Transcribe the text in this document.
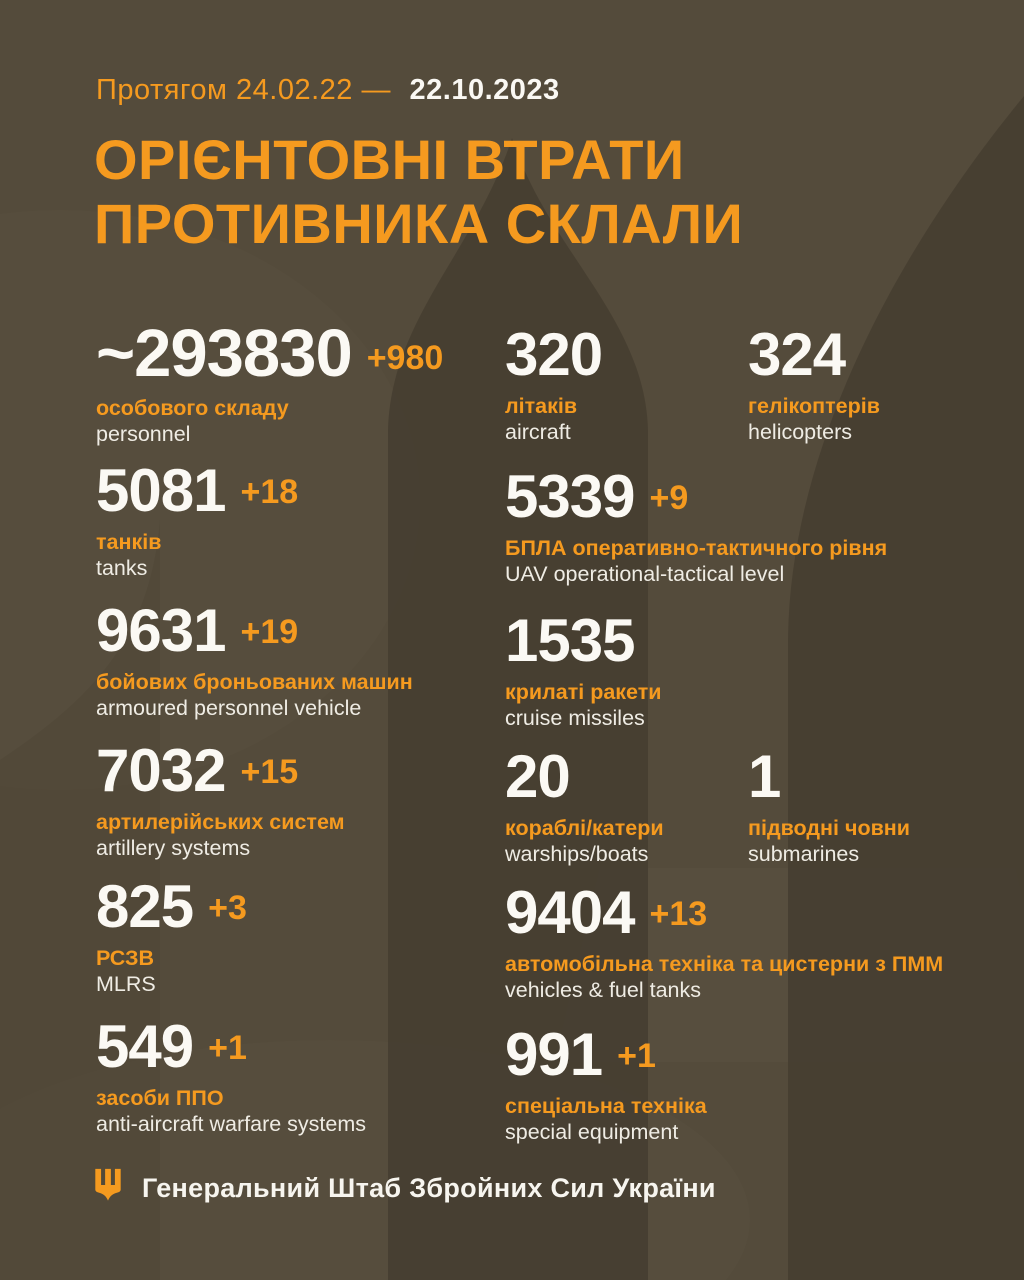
Протягом 24.02.22 — 22.10.2023
ОРІЄНТОВНІ ВТРАТИ
ПРОТИВНИКА СКЛАЛИ
~293830 +980
особового складу
personnel
320
літаків
aircraft
324
гелікоптерів
helicopters
5081 +18
танків
tanks
5339 +9
БПЛА оперативно-тактичного рівня
UAV operational-tactical level
9631 +19
бойових броньованих машин
armoured personnel vehicle
1535
крилаті ракети
cruise missiles
7032 +15
артилерійських систем
artillery systems
20
кораблі/катери
warships/boats
1
підводні човни
submarines
825 +3
РСЗВ
MLRS
9404 +13
автомобільна техніка та цистерни з ПММ
vehicles & fuel tanks
549 +1
засоби ППО
anti-aircraft warfare systems
991 +1
спеціальна техніка
special equipment
Генеральний Штаб Збройних Сил України
